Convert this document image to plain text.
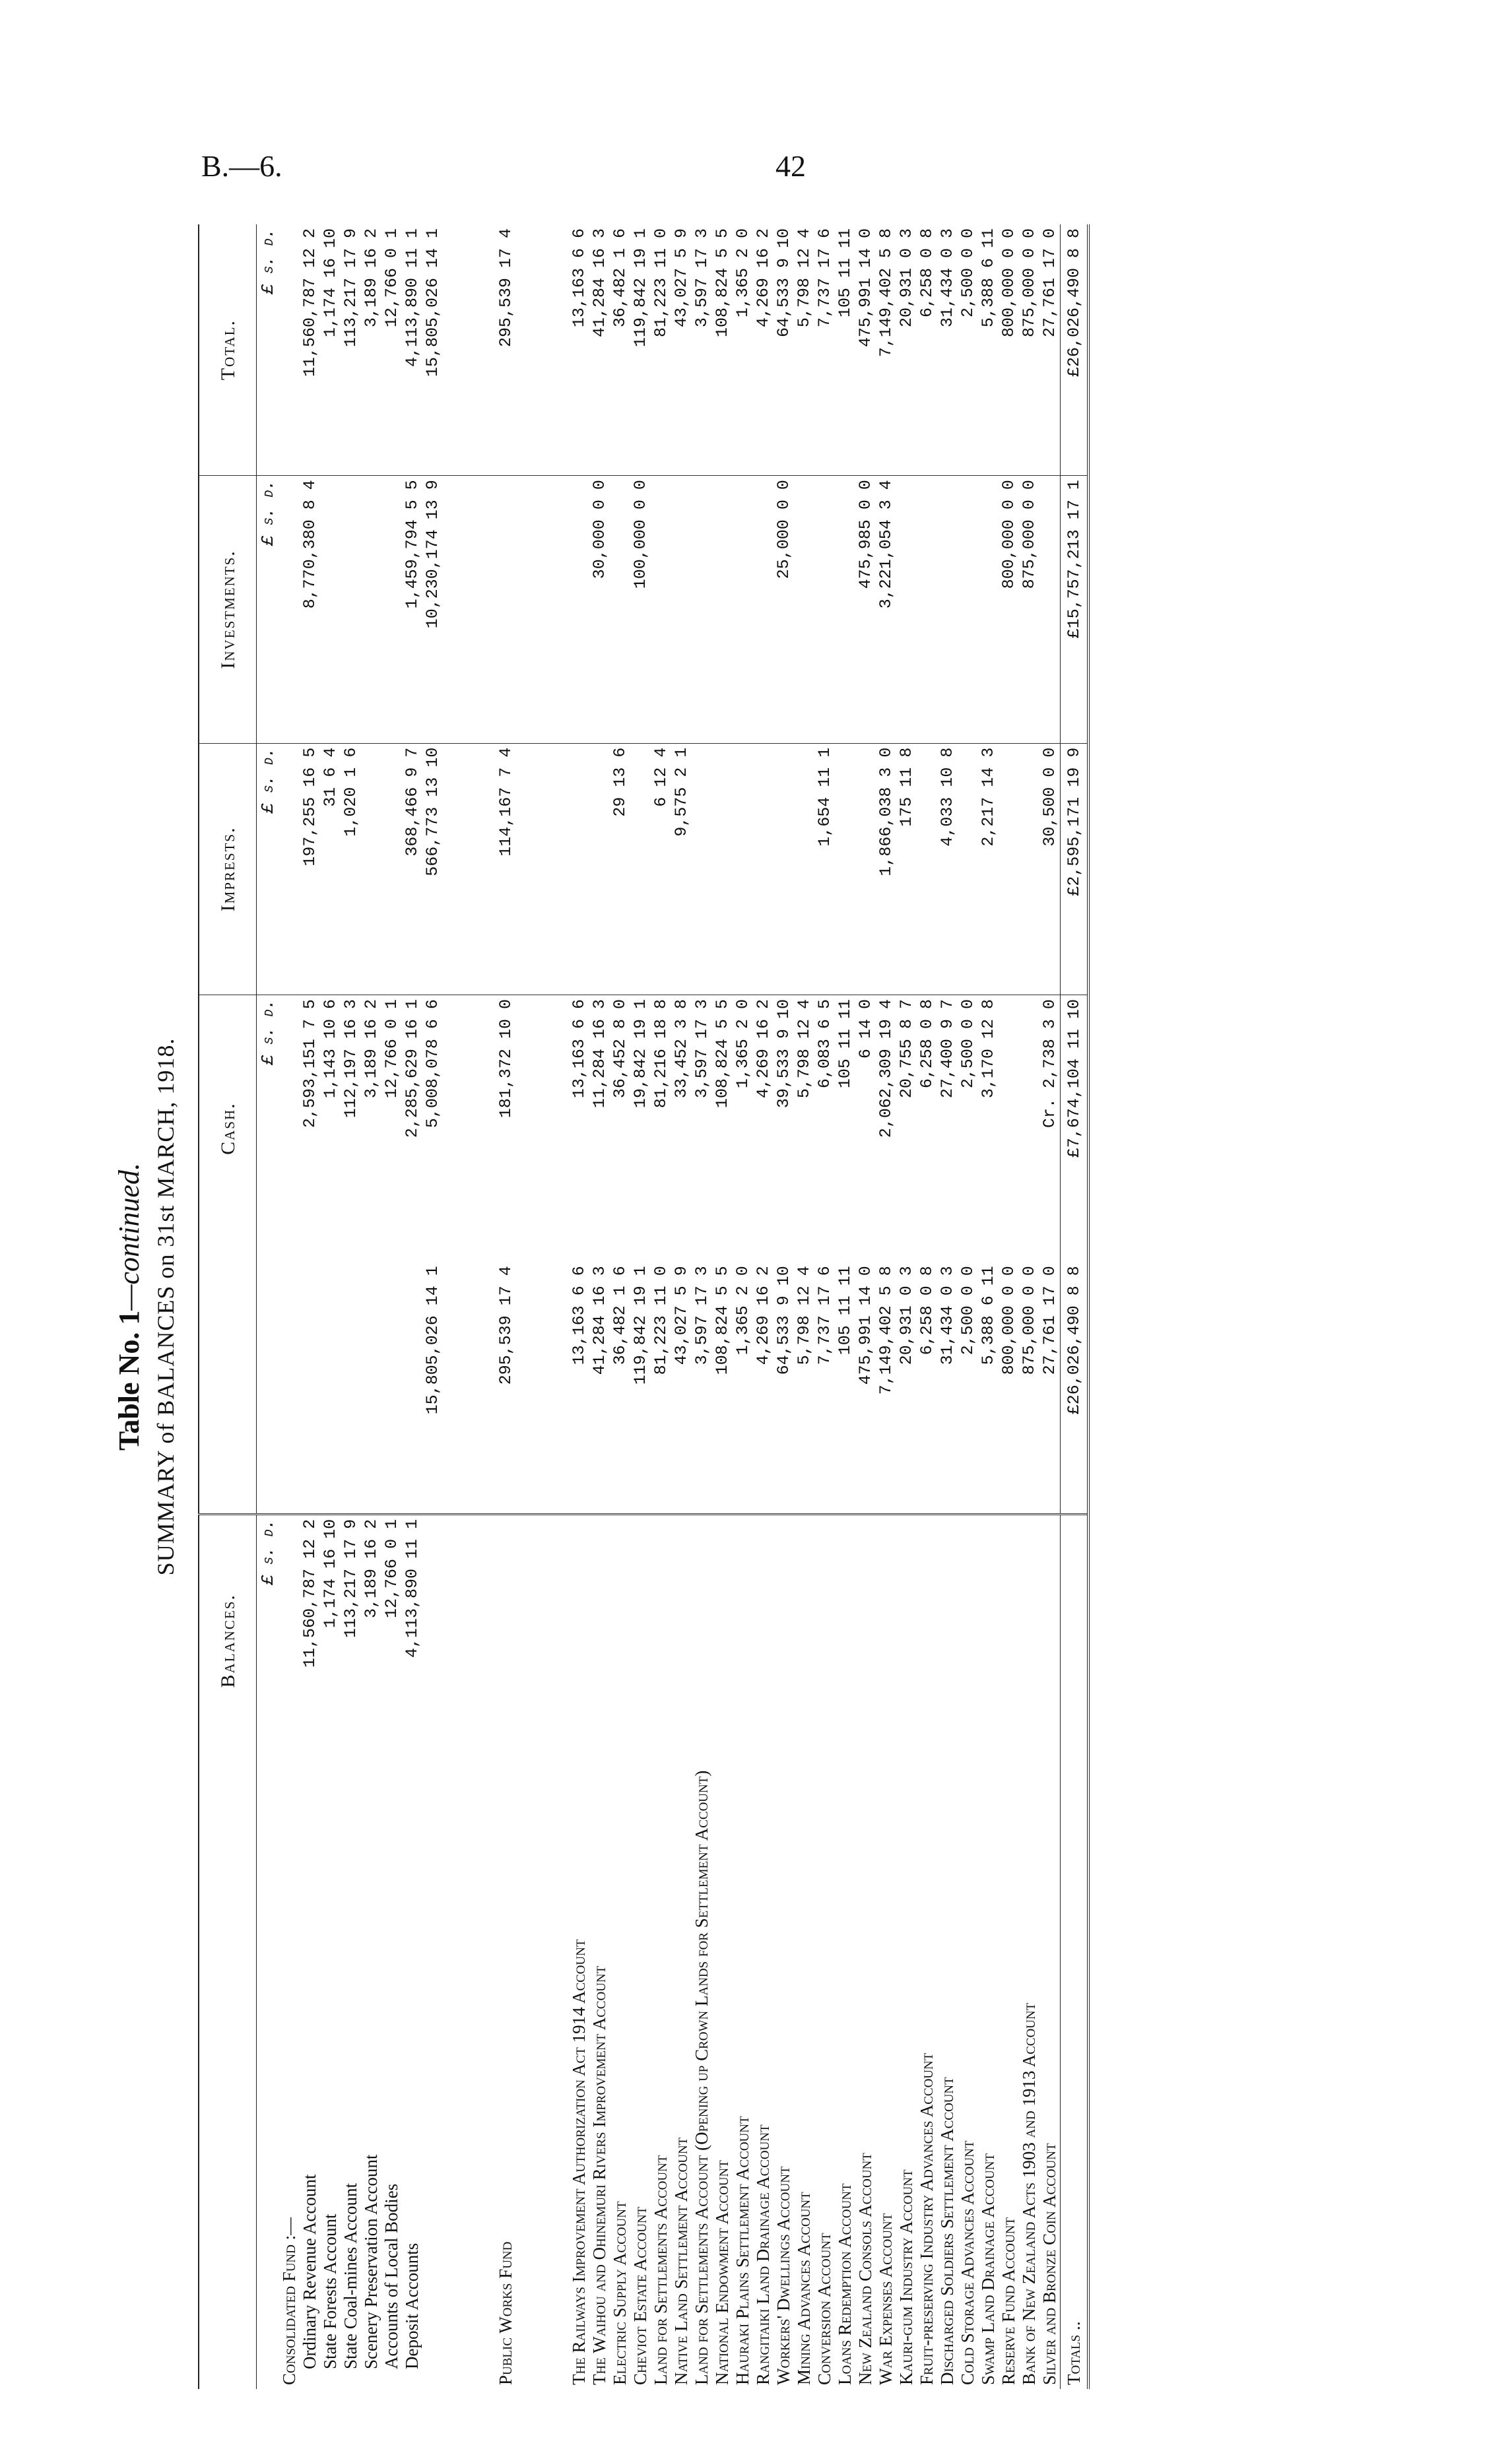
B.—6.	42
Table No. 1—continued. SUMMARY of BALANCES on 31st MARCH, 1918.
	Balances.		Cash.	Imprests.	Investments.	Total.
	£ s. d.		£ s. d.	£ s. d.	£ s. d.	£ s. d.
Consolidated Fund :—						
Ordinary Revenue Account	11,560,787 12 2		2,593,151 7 5	197,255 16 5	8,770,380 8 4	11,560,787 12 2
State Forests Account	1,174 16 10		1,143 10 6	31 6 4		1,174 16 10
State Coal-mines Account	113,217 17 9		112,197 16 3	1,020 1 6		113,217 17 9
Scenery Preservation Account	3,189 16 2		3,189 16 2			3,189 16 2
Accounts of Local Bodies	12,766 0 1		12,766 0 1			12,766 0 1
Deposit Accounts	4,113,890 11 1		2,285,629 16 1	368,466 9 7	1,459,794 5 5	4,113,890 11 1
		15,805,026 14 1	5,008,078 6 6	566,773 13 10	10,230,174 13 9	15,805,026 14 1

Public Works Fund		295,539 17 4	181,372 10 0	114,167 7 4		295,539 17 4

The Railways Improvement Authorization Act 1914 Account		13,163 6 6	13,163 6 6			13,163 6 6
The Waihou and Ohinemuri Rivers Improvement Account		41,284 16 3	11,284 16 3		30,000 0 0	41,284 16 3
Electric Supply Account		36,482 1 6	36,452 8 0	29 13 6		36,482 1 6
Cheviot Estate Account		119,842 19 1	19,842 19 1		100,000 0 0	119,842 19 1
Land for Settlements Account		81,223 11 0	81,216 18 8	6 12 4		81,223 11 0
Native Land Settlement Account		43,027 5 9	33,452 3 8	9,575 2 1		43,027 5 9
Land for Settlements Account (Opening up Crown Lands for Settlement Account)		3,597 17 3	3,597 17 3			3,597 17 3
National Endowment Account		108,824 5 5	108,824 5 5			108,824 5 5
Hauraki Plains Settlement Account		1,365 2 0	1,365 2 0			1,365 2 0
Rangitaiki Land Drainage Account		4,269 16 2	4,269 16 2			4,269 16 2
Workers' Dwellings Account		64,533 9 10	39,533 9 10		25,000 0 0	64,533 9 10
Mining Advances Account		5,798 12 4	5,798 12 4			5,798 12 4
Conversion Account		7,737 17 6	6,083 6 5	1,654 11 1		7,737 17 6
Loans Redemption Account		105 11 11	105 11 11			105 11 11
New Zealand Consols Account		475,991 14 0	6 14 0		475,985 0 0	475,991 14 0
War Expenses Account		7,149,402 5 8	2,062,309 19 4	1,866,038 3 0	3,221,054 3 4	7,149,402 5 8
Kauri-gum Industry Account		20,931 0 3	20,755 8 7	175 11 8		20,931 0 3
Fruit-preserving Industry Advances Account		6,258 0 8	6,258 0 8			6,258 0 8
Discharged Soldiers Settlement Account		31,434 0 3	27,400 9 7	4,033 10 8		31,434 0 3
Cold Storage Advances Account		2,500 0 0	2,500 0 0			2,500 0 0
Swamp Land Drainage Account		5,388 6 11	3,170 12 8	2,217 14 3		5,388 6 11
Reserve Fund Account		800,000 0 0			800,000 0 0	800,000 0 0
Bank of New Zealand Acts 1903 and 1913 Account		875,000 0 0			875,000 0 0	875,000 0 0
Silver and Bronze Coin Account		27,761 17 0	Cr. 2,738 3 0	30,500 0 0		27,761 17 0
Totals ..		£26,026,490 8 8	£7,674,104 11 10	£2,595,171 19 9	£15,757,213 17 1	£26,026,490 8 8
